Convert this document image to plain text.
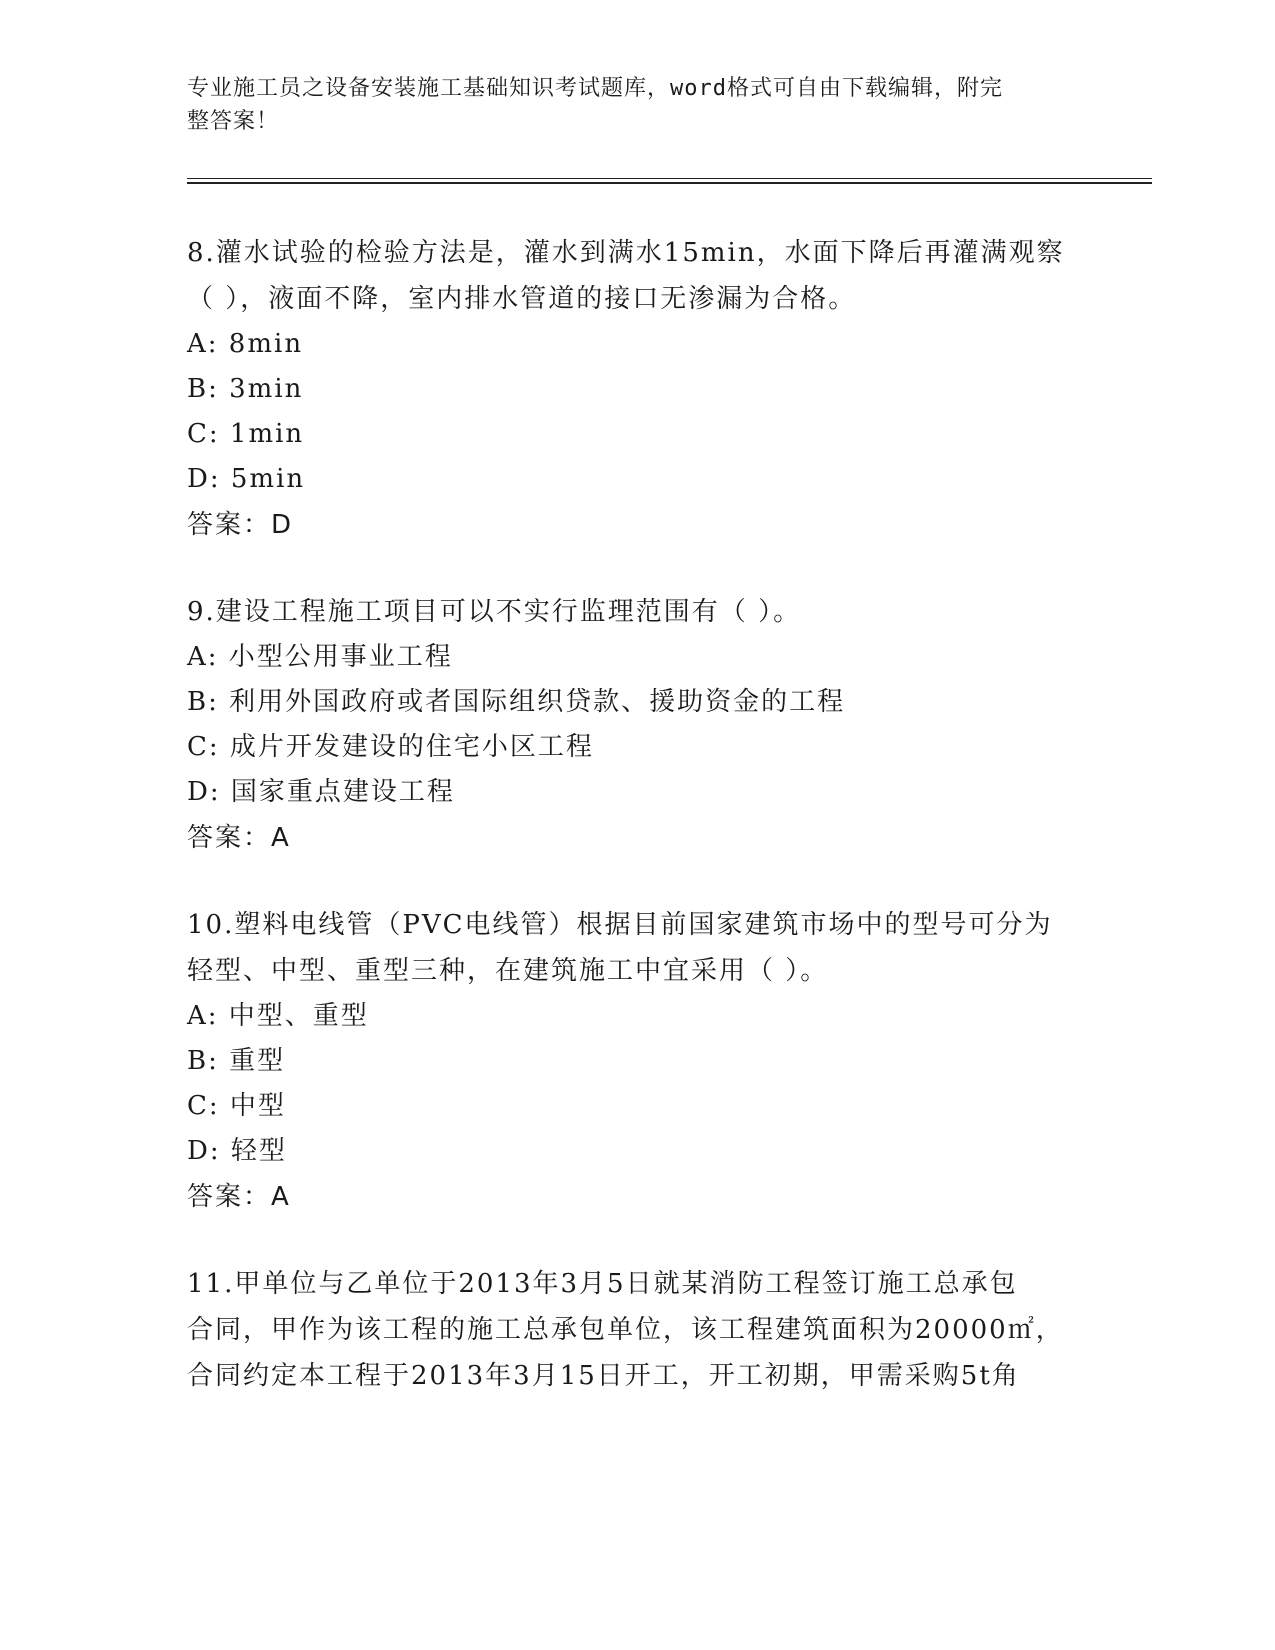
专业施工员之设备安装施工基础知识考试题库，word格式可自由下载编辑，附完
整答案！
8.灌水试验的检验方法是，灌水到满水15min，水面下降后再灌满观察
（ ），液面不降，室内排水管道的接口无渗漏为合格。
A: 8min
B: 3min
C: 1min
D: 5min
答案：D
9.建设工程施工项目可以不实行监理范围有（ ）。
A: 小型公用事业工程
B: 利用外国政府或者国际组织贷款、援助资金的工程
C: 成片开发建设的住宅小区工程
D: 国家重点建设工程
答案：A
10.塑料电线管（PVC电线管）根据目前国家建筑市场中的型号可分为
轻型、中型、重型三种，在建筑施工中宜采用（ ）。
A: 中型、重型
B: 重型
C: 中型
D: 轻型
答案：A
11.甲单位与乙单位于2013年3月5日就某消防工程签订施工总承包
合同，甲作为该工程的施工总承包单位，该工程建筑面积为20000㎡，
合同约定本工程于2013年3月15日开工，开工初期，甲需采购5t角
